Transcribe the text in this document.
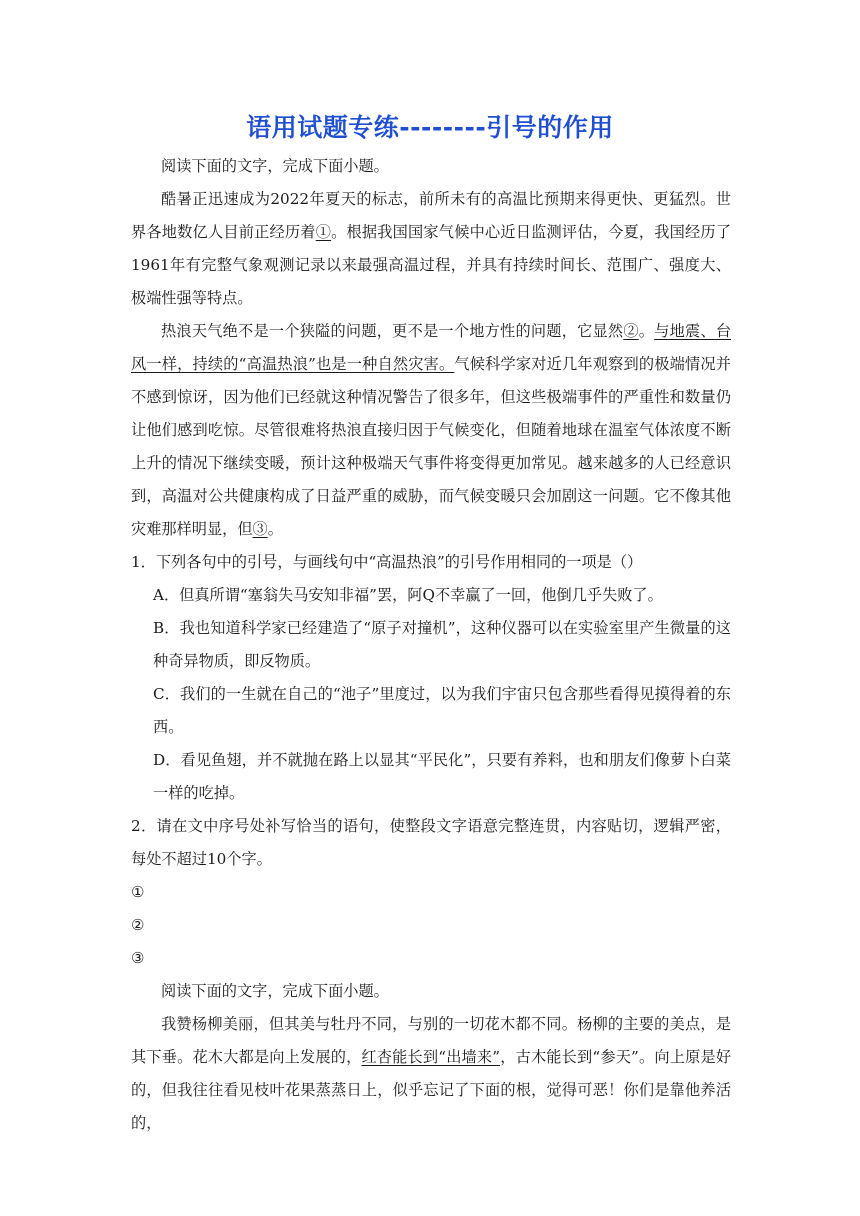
语用试题专练--------引号的作用

阅读下面的文字，完成下面小题。

酷暑正迅速成为2022年夏天的标志，前所未有的高温比预期来得更快、更猛烈。世界各地数亿人目前正经历着①。根据我国国家气候中心近日监测评估，今夏，我国经历了1961年有完整气象观测记录以来最强高温过程，并具有持续时间长、范围广、强度大、极端性强等特点。

热浪天气绝不是一个狭隘的问题，更不是一个地方性的问题，它显然②。与地震、台风一样，持续的“高温热浪”也是一种自然灾害。气候科学家对近几年观察到的极端情况并不感到惊讶，因为他们已经就这种情况警告了很多年，但这些极端事件的严重性和数量仍让他们感到吃惊。尽管很难将热浪直接归因于气候变化，但随着地球在温室气体浓度不断上升的情况下继续变暖，预计这种极端天气事件将变得更加常见。越来越多的人已经意识到，高温对公共健康构成了日益严重的威胁，而气候变暖只会加剧这一问题。它不像其他灾难那样明显，但③。

1．下列各句中的引号，与画线句中“高温热浪”的引号作用相同的一项是（）

A．但真所谓“塞翁失马安知非福”罢，阿Q不幸赢了一回，他倒几乎失败了。

B．我也知道科学家已经建造了“原子对撞机”，这种仪器可以在实验室里产生微量的这种奇异物质，即反物质。

C．我们的一生就在自己的“池子”里度过，以为我们宇宙只包含那些看得见摸得着的东西。

D．看见鱼翅，并不就抛在路上以显其“平民化”，只要有养料，也和朋友们像萝卜白菜一样的吃掉。

2．请在文中序号处补写恰当的语句，使整段文字语意完整连贯，内容贴切，逻辑严密，每处不超过10个字。

①

②

③

阅读下面的文字，完成下面小题。

我赞杨柳美丽，但其美与牡丹不同，与别的一切花木都不同。杨柳的主要的美点，是其下垂。花木大都是向上发展的，红杏能长到“出墙来”，古木能长到“参天”。向上原是好的，但我往往看见枝叶花果蒸蒸日上，似乎忘记了下面的根，觉得可恶！你们是靠他养活的，
